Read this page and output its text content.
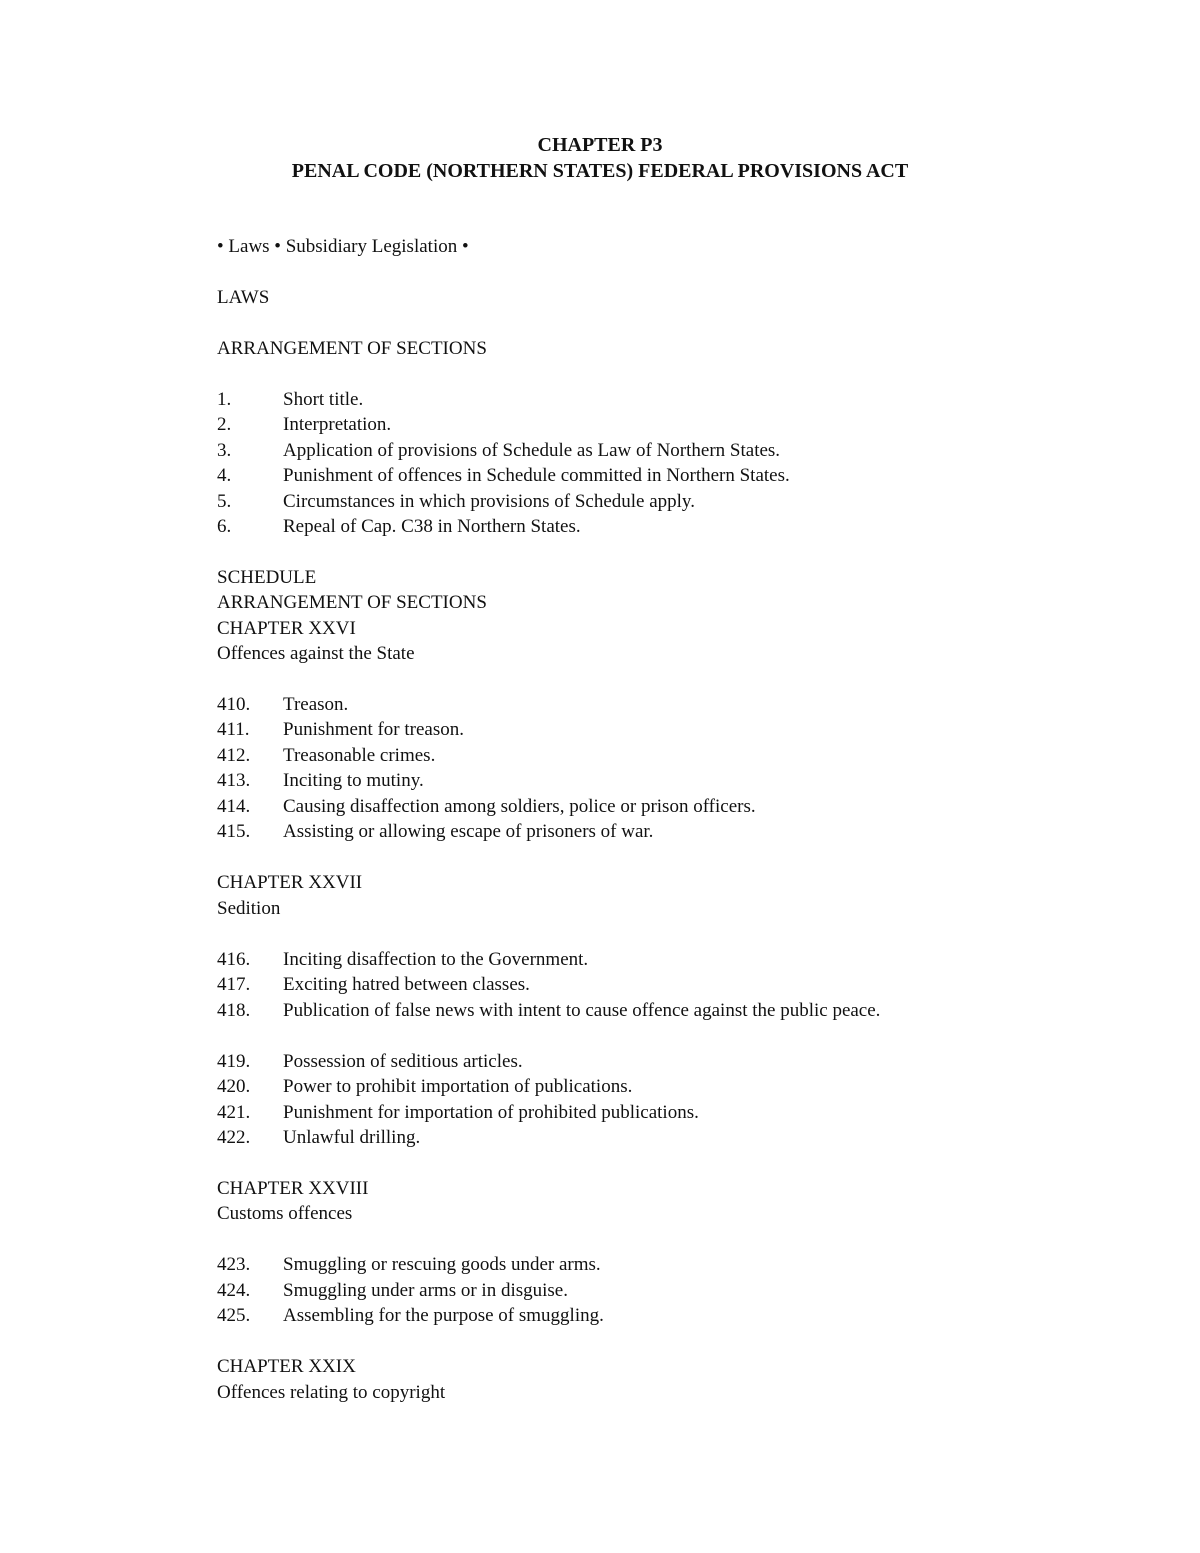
CHAPTER P3
PENAL CODE (NORTHERN STATES) FEDERAL PROVISIONS ACT
• Laws • Subsidiary Legislation •
LAWS
ARRANGEMENT OF SECTIONS
1.	Short title.
2.	Interpretation.
3.	Application of provisions of Schedule as Law of Northern States.
4.	Punishment of offences in Schedule committed in Northern States.
5.	Circumstances in which provisions of Schedule apply.
6.	Repeal of Cap. C38 in Northern States.
SCHEDULE
ARRANGEMENT OF SECTIONS
CHAPTER XXVI
Offences against the State
410. Treason.
411. Punishment for treason.
412. Treasonable crimes.
413. Inciting to mutiny.
414. Causing disaffection among soldiers, police or prison officers.
415. Assisting or allowing escape of prisoners of war.
CHAPTER XXVII
Sedition
416. Inciting disaffection to the Government.
417. Exciting hatred between classes.
418. Publication of false news with intent to cause offence against the public peace.
419. Possession of seditious articles.
420. Power to prohibit importation of publications.
421. Punishment for importation of prohibited publications.
422. Unlawful drilling.
CHAPTER XXVIII
Customs offences
423. Smuggling or rescuing goods under arms.
424. Smuggling under arms or in disguise.
425. Assembling for the purpose of smuggling.
CHAPTER XXIX
Offences relating to copyright
